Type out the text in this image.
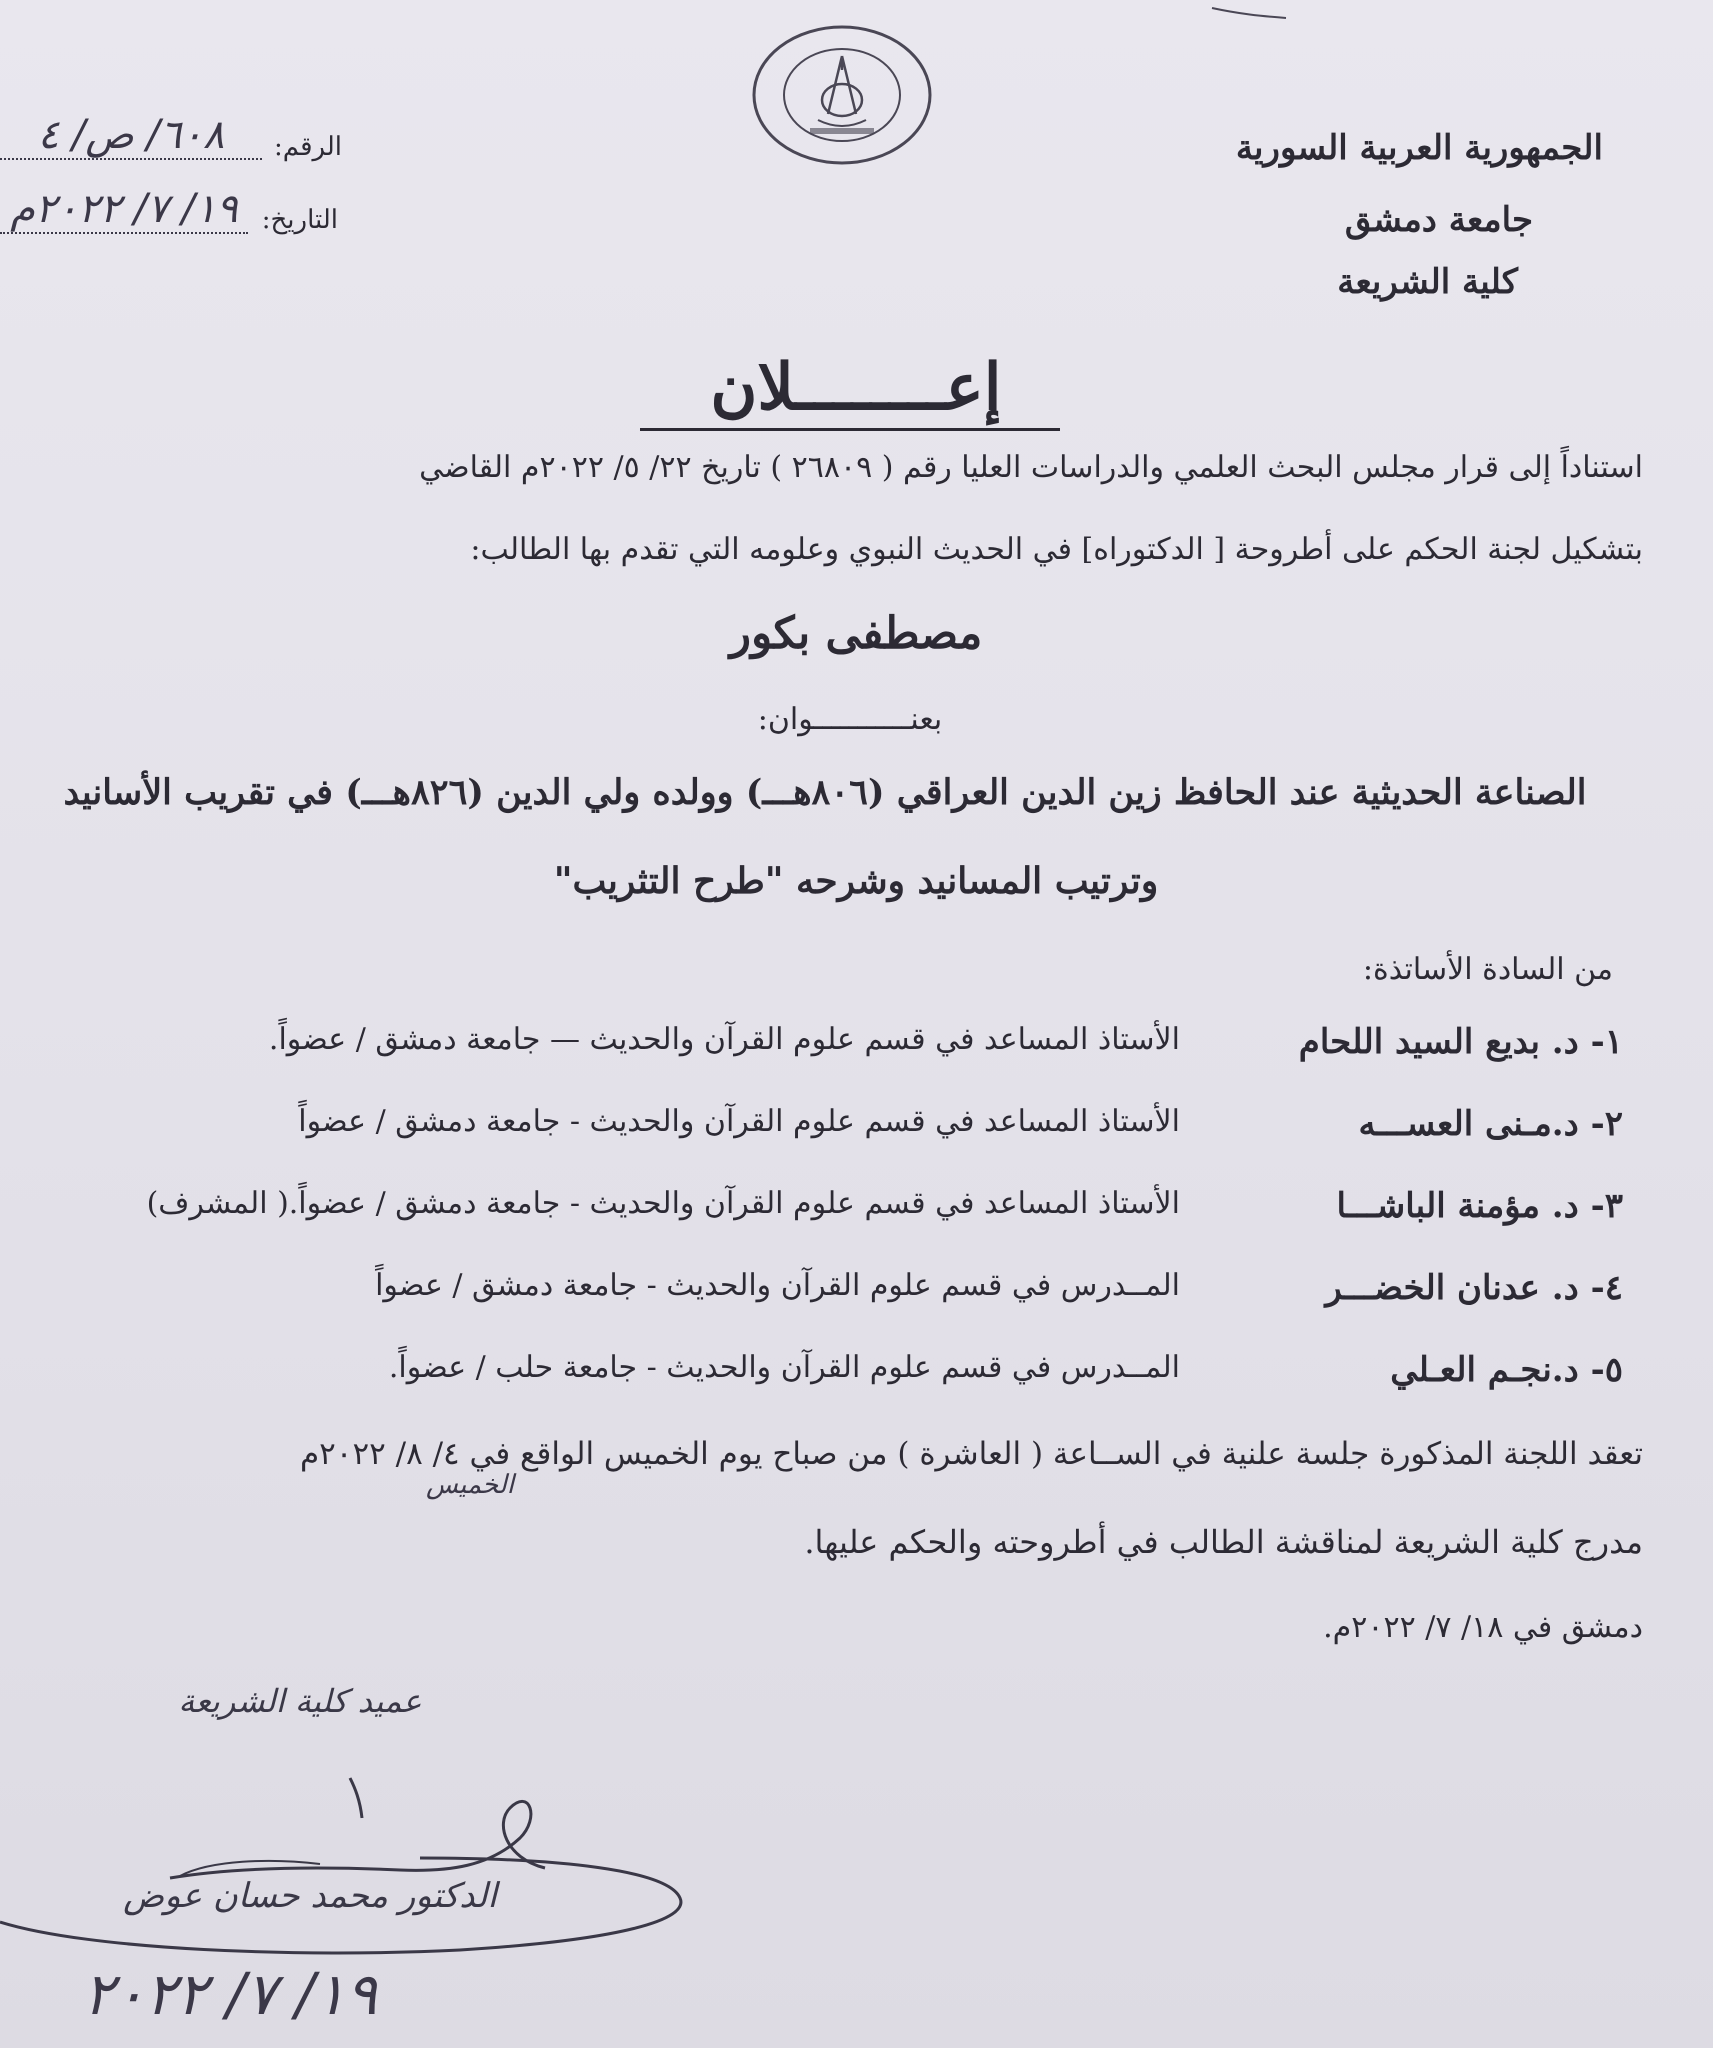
الجمهورية العربية السورية
جامعة دمشق
كلية الشريعة
الرقم:
٦٠٨/ ص/ ٤
التاريخ:
١٩/ ٧/ ٢٠٢٢م
إعــــــــلان
استناداً إلى قرار مجلس البحث العلمي والدراسات العليا رقم ( ٢٦٨٠٩ ) تاريخ ٢٢/ ٥/ ٢٠٢٢م القاضي
بتشكيل لجنة الحكم على أطروحة [ الدكتوراه] في الحديث النبوي وعلومه التي تقدم بها الطالب:
مصطفى بكور
بعنـــــــــــوان:
الصناعة الحديثية عند الحافظ زين الدين العراقي (٨٠٦هـــ) وولده ولي الدين (٨٢٦هـــ) في تقريب الأسانيد
وترتيب المسانيد وشرحه "طرح التثريب"
من السادة الأساتذة:
١- د. بديع السيد اللحام
الأستاذ المساعد في قسم علوم القرآن والحديث — جامعة دمشق / عضواً.
٢- د.مـنى العســـه
الأستاذ المساعد في قسم علوم القرآن والحديث - جامعة دمشق / عضواً
٣- د. مؤمنة الباشـــا
الأستاذ المساعد في قسم علوم القرآن والحديث - جامعة دمشق / عضواً.( المشرف)
٤- د. عدنان الخضـــر
المــدرس في قسم علوم القرآن والحديث - جامعة دمشق / عضواً
٥- د.نجـم العـلي
المــدرس في قسم علوم القرآن والحديث - جامعة حلب / عضواً.
تعقد اللجنة المذكورة جلسة علنية في الســاعة ( العاشرة ) من صباح يوم الخميس الواقع في ٤/ ٨/ ٢٠٢٢م
الخميس
مدرج كلية الشريعة لمناقشة الطالب في أطروحته والحكم عليها.
دمشق في ١٨/ ٧/ ٢٠٢٢م.
عميد كلية الشريعة
الدكتور محمد حسان عوض
١٩/ ٧/ ٢٠٢٢
